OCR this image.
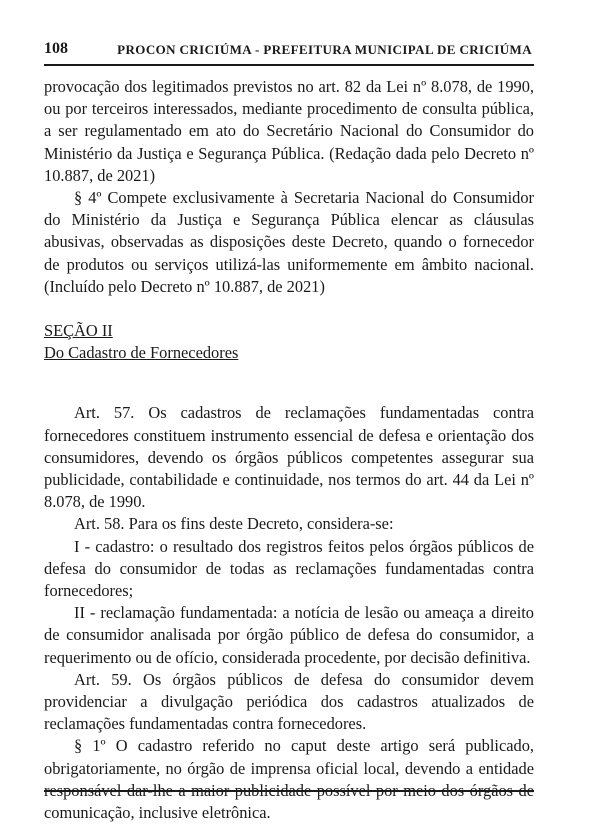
108	PROCON CRICIÚMA - PREFEITURA MUNICIPAL DE CRICIÚMA

provocação dos legitimados previstos no art. 82 da Lei nº 8.078, de 1990, ou por terceiros interessados, mediante procedimento de consulta pública, a ser regulamentado em ato do Secretário Nacional do Consumidor do Ministério da Justiça e Segurança Pública. (Redação dada pelo Decreto nº 10.887, de 2021)

§ 4º Compete exclusivamente à Secretaria Nacional do Consumidor do Ministério da Justiça e Segurança Pública elencar as cláusulas abusivas, observadas as disposições deste Decreto, quando o fornecedor de produtos ou serviços utilizá-las uniformemente em âmbito nacional. (Incluído pelo Decreto nº 10.887, de 2021)

SEÇÃO II

Do Cadastro de Fornecedores

Art. 57. Os cadastros de reclamações fundamentadas contra fornecedores constituem instrumento essencial de defesa e orientação dos consumidores, devendo os órgãos públicos competentes assegurar sua publicidade, contabilidade e continuidade, nos termos do art. 44 da Lei nº 8.078, de 1990.

Art. 58. Para os fins deste Decreto, considera-se:

I - cadastro: o resultado dos registros feitos pelos órgãos públicos de defesa do consumidor de todas as reclamações fundamentadas contra fornecedores;

II - reclamação fundamentada: a notícia de lesão ou ameaça a direito de consumidor analisada por órgão público de defesa do consumidor, a requerimento ou de ofício, considerada procedente, por decisão definitiva.

Art. 59. Os órgãos públicos de defesa do consumidor devem providenciar a divulgação periódica dos cadastros atualizados de reclamações fundamentadas contra fornecedores.

§ 1º O cadastro referido no caput deste artigo será publicado, obrigatoriamente, no órgão de imprensa oficial local, devendo a entidade responsável dar-lhe a maior publicidade possível por meio dos órgãos de comunicação, inclusive eletrônica.
